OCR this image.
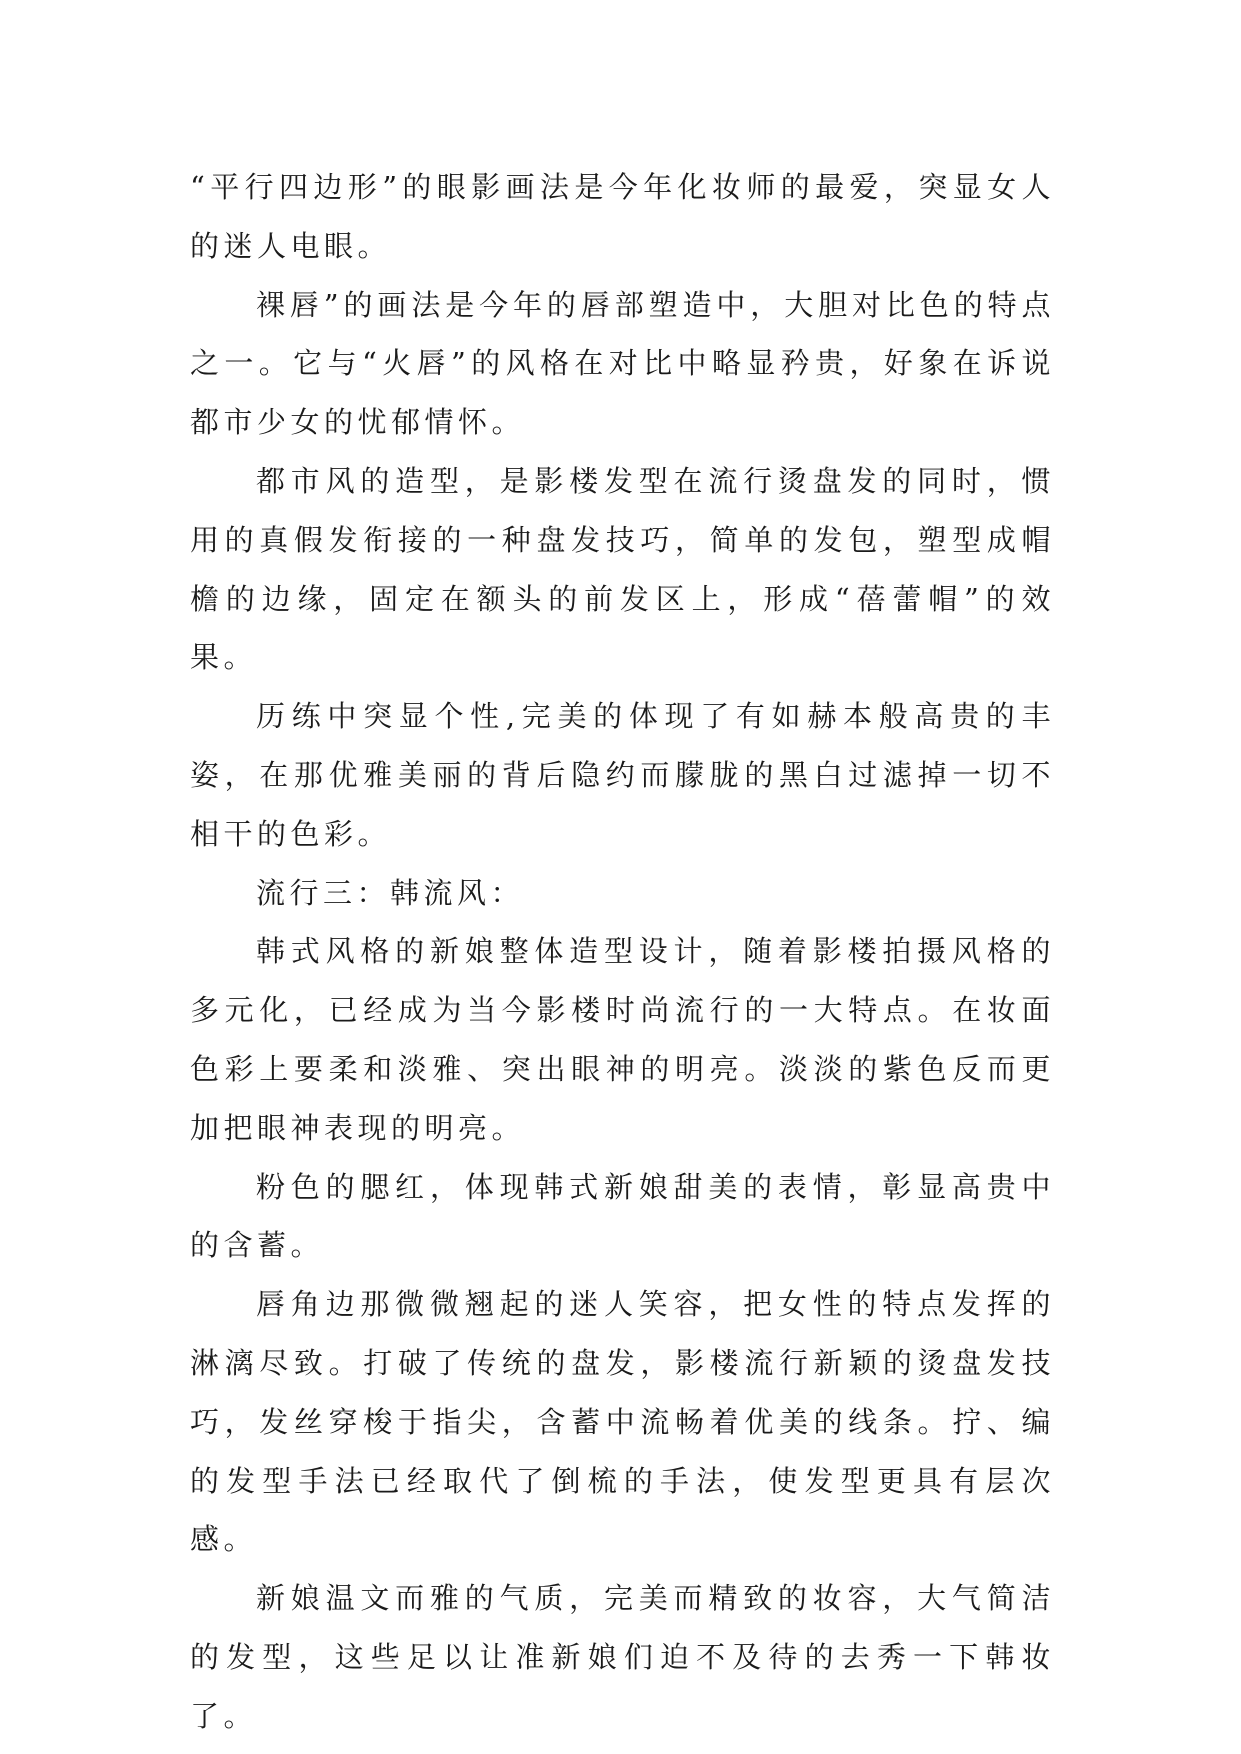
“平行四边形”的眼影画法是今年化妆师的最爱，突显女人的迷人电眼。

裸唇”的画法是今年的唇部塑造中，大胆对比色的特点之一。它与“火唇”的风格在对比中略显矜贵，好象在诉说都市少女的忧郁情怀。

都市风的造型，是影楼发型在流行烫盘发的同时，惯用的真假发衔接的一种盘发技巧，简单的发包，塑型成帽檐的边缘，固定在额头的前发区上，形成“蓓蕾帽”的效果。

历练中突显个性,完美的体现了有如赫本般高贵的丰姿，在那优雅美丽的背后隐约而朦胧的黑白过滤掉一切不相干的色彩。

流行三：韩流风：

韩式风格的新娘整体造型设计，随着影楼拍摄风格的多元化，已经成为当今影楼时尚流行的一大特点。在妆面色彩上要柔和淡雅、突出眼神的明亮。淡淡的紫色反而更加把眼神表现的明亮。

粉色的腮红，体现韩式新娘甜美的表情，彰显高贵中的含蓄。

唇角边那微微翘起的迷人笑容，把女性的特点发挥的淋漓尽致。打破了传统的盘发，影楼流行新颖的烫盘发技巧，发丝穿梭于指尖，含蓄中流畅着优美的线条。拧、编的发型手法已经取代了倒梳的手法，使发型更具有层次感。

新娘温文而雅的气质，完美而精致的妆容，大气简洁的发型，这些足以让准新娘们迫不及待的去秀一下韩妆了。
